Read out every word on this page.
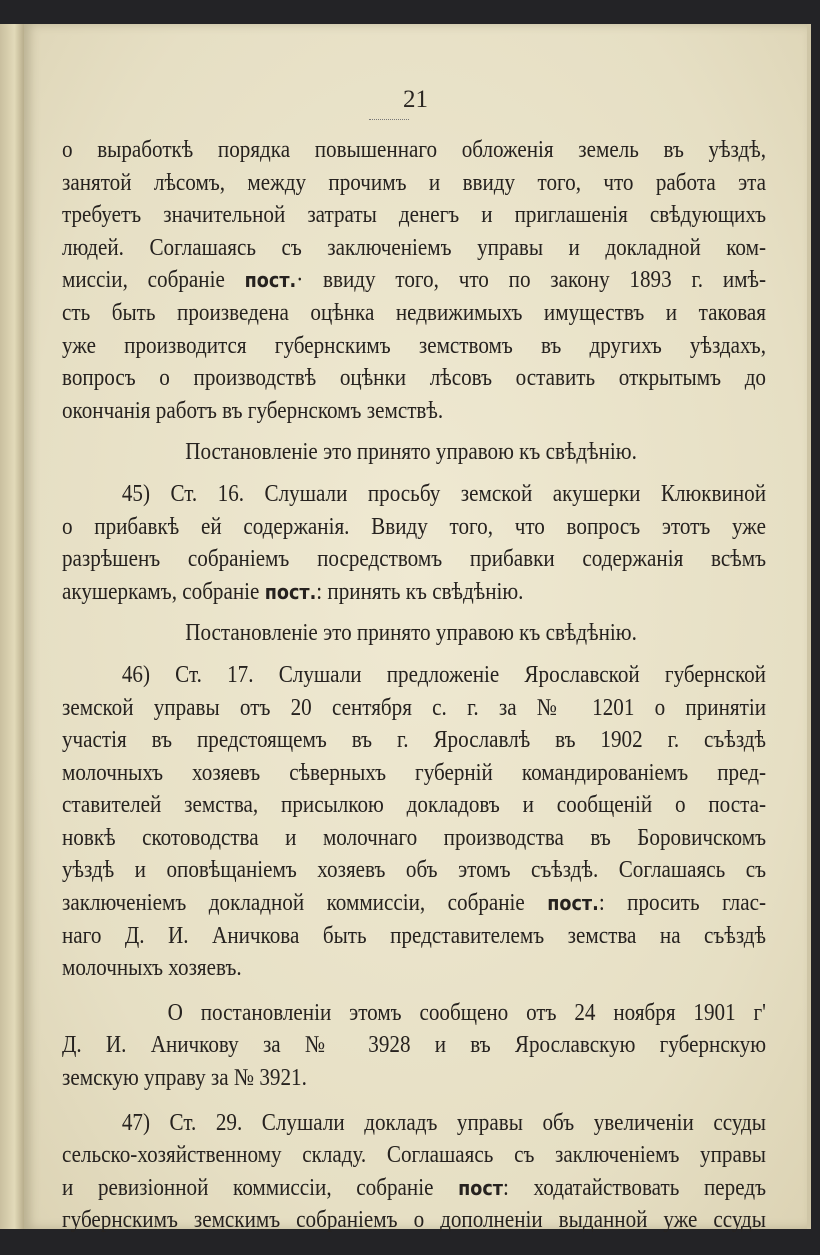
21
о выработкѣ порядка повышеннаго обложенія земель въ уѣздѣ,
занятой лѣсомъ, между прочимъ и ввиду того, что работа эта
требуетъ значительной затраты денегъ и приглашенія свѣдующихъ
людей. Соглашаясь съ заключеніемъ управы и докладной ком-
миссіи, собраніе пост.· ввиду того, что по закону 1893 г. имѣ-
сть быть произведена оцѣнка недвижимыхъ имуществъ и таковая
уже производится губернскимъ земствомъ въ другихъ уѣздахъ,
вопросъ о производствѣ оцѣнки лѣсовъ оставить открытымъ до
окончанія работъ въ губернскомъ земствѣ.
Постановленіе это принято управою къ свѣдѣнію.
45) Ст. 16. Слушали просьбу земской акушерки Клюквиной
о прибавкѣ ей содержанія. Ввиду того, что вопросъ этотъ уже
разрѣшенъ собраніемъ посредствомъ прибавки содержанія всѣмъ
акушеркамъ, собраніе пост.: принять къ свѣдѣнію.
Постановленіе это принято управою къ свѣдѣнію.
46) Ст. 17. Слушали предложеніе Ярославской губернской
земской управы отъ 20 сентября с. г. за № 1201 о принятіи
участія въ предстоящемъ въ г. Ярославлѣ въ 1902 г. съѣздѣ
молочныхъ хозяевъ сѣверныхъ губерній командированіемъ пред-
ставителей земства, присылкою докладовъ и сообщеній о поста-
новкѣ скотоводства и молочнаго производства въ Боровичскомъ
уѣздѣ и оповѣщаніемъ хозяевъ объ этомъ съѣздѣ. Соглашаясь съ
заключеніемъ докладной коммиссіи, собраніе пост.: просить глас-
наго Д. И. Аничкова быть представителемъ земства на съѣздѣ
молочныхъ хозяевъ.
О постановленіи этомъ сообщено отъ 24 ноября 1901 г'
Д. И. Аничкову за № 3928 и въ Ярославскую губернскую
земскую управу за № 3921.
47) Ст. 29. Слушали докладъ управы объ увеличеніи ссуды
сельско-хозяйственному складу. Соглашаясь съ заключеніемъ управы
и ревизіонной коммиссіи, собраніе пост: ходатайствовать передъ
губернскимъ земскимъ собраніемъ о дополненіи выданной уже ссуды
